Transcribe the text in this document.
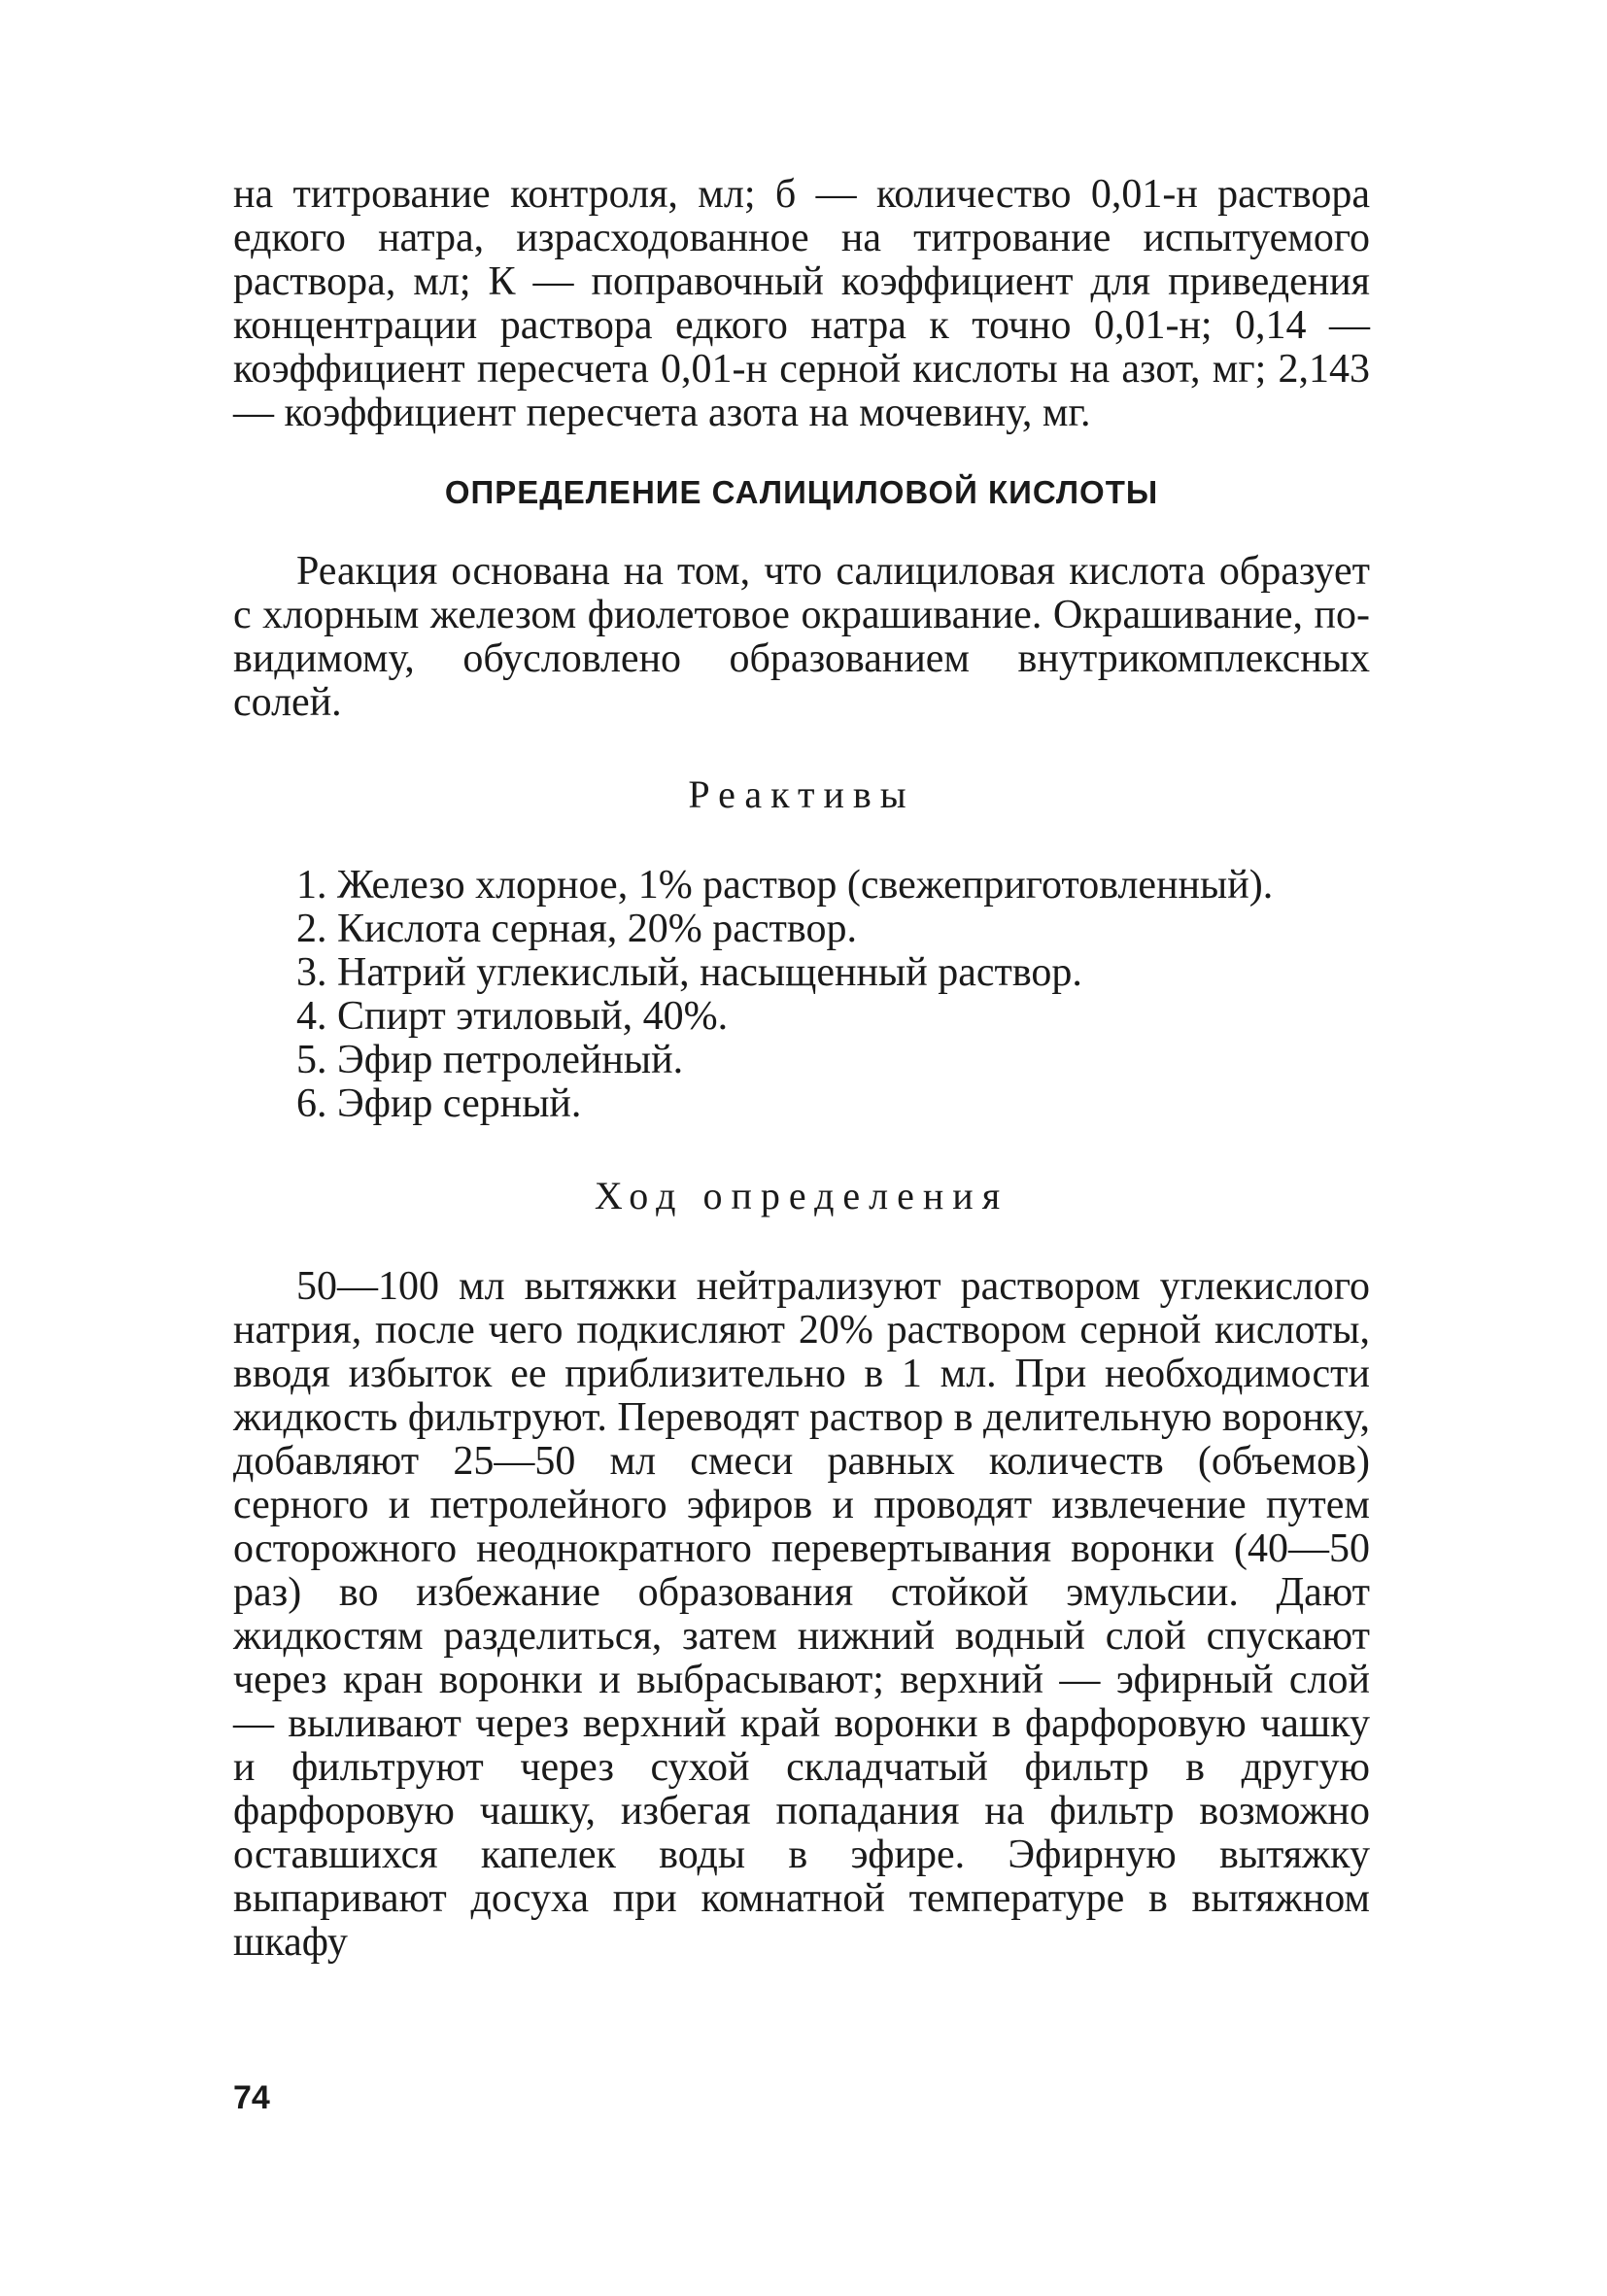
на титрование контроля, мл; б — количество 0,01-н раствора едкого натра, израсходованное на титрование испытуемого раствора, мл; К — поправочный коэффициент для приведения концентрации раствора едкого натра к точно 0,01-н; 0,14 — коэффициент пересчета 0,01-н серной кислоты на азот, мг; 2,143 — коэффициент пересчета азота на мочевину, мг.

ОПРЕДЕЛЕНИЕ САЛИЦИЛОВОЙ КИСЛОТЫ

Реакция основана на том, что салициловая кислота образует с хлорным железом фиолетовое окрашивание. Окрашивание, по-видимому, обусловлено образованием внутрикомплексных солей.

Реактивы
1. Железо хлорное, 1% раствор (свежеприготовленный).
2. Кислота серная, 20% раствор.
3. Натрий углекислый, насыщенный раствор.
4. Спирт этиловый, 40%.
5. Эфир петролейный.
6. Эфир серный.
Ход определения

50—100 мл вытяжки нейтрализуют раствором углекислого натрия, после чего подкисляют 20% раствором серной кислоты, вводя избыток ее приблизительно в 1 мл. При необходимости жидкость фильтруют. Переводят раствор в делительную воронку, добавляют 25—50 мл смеси равных количеств (объемов) серного и петролейного эфиров и проводят извлечение путем осторожного неоднократного перевертывания воронки (40—50 раз) во избежание образования стойкой эмульсии. Дают жидкостям разделиться, затем нижний водный слой спускают через кран воронки и выбрасывают; верхний — эфирный слой — выливают через верхний край воронки в фарфоровую чашку и фильтруют через сухой складчатый фильтр в другую фарфоровую чашку, избегая попадания на фильтр возможно оставшихся капелек воды в эфире. Эфирную вытяжку выпаривают досуха при комнатной температуре в вытяжном шкафу

74
